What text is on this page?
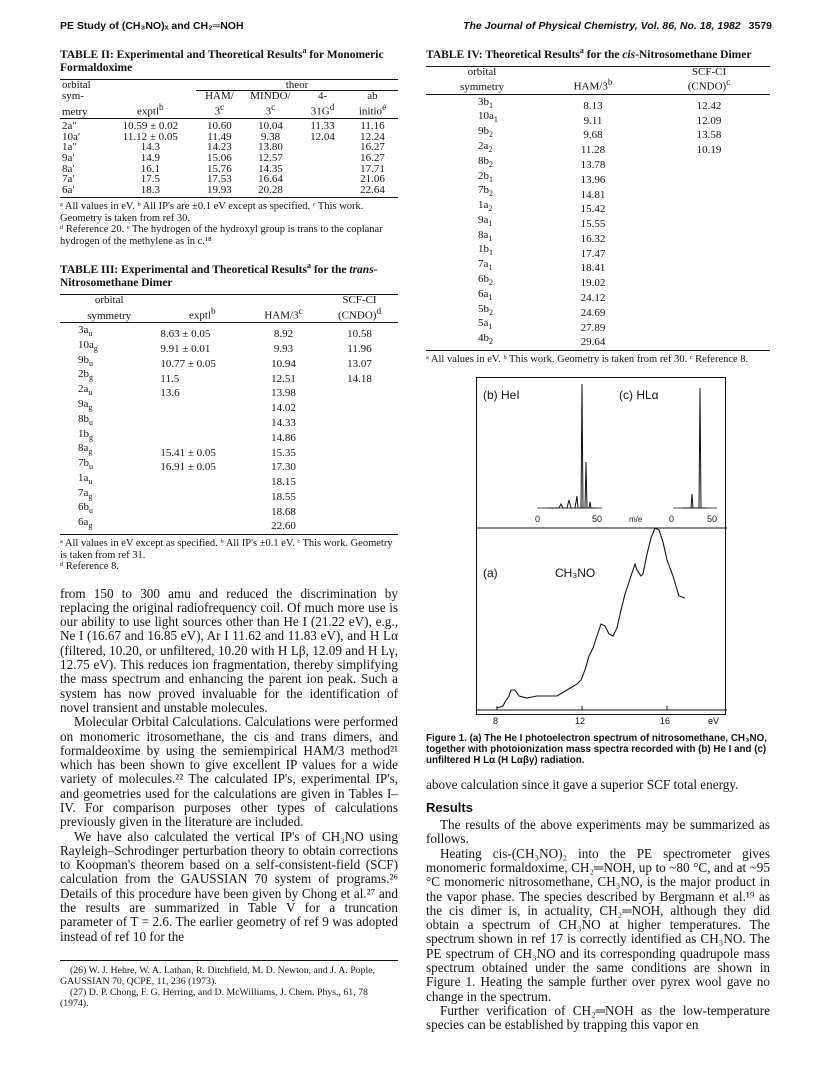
PE Study of (CH₃NO)ₓ and CH₂═NOH	The Journal of Physical Chemistry, Vol. 86, No. 18, 1982 3579
TABLE II: Experimental and Theoretical Results$^a$ for Monomeric Formaldoxime
orbital		theor			
sym-		HAM/	MINDO/	4-	ab
metry	exptl$^b$	3$^c$	3$^c$	$31G^d$	initio$^e$
2a″	10.59 ± 0.02	10.60	10.04	11.33	11.16
10a′	11.12 ± 0.05	11.49	9.38	12.04	12.24
1a″	14.3	14.23	13.80		16.27
9a′	14.9	15.06	12.57		16.27
8a′	16.1	15.76	14.35		17.71
7a′	17.5	17.53	16.64		21.06
6a′	18.3	19.93	20.28		22.64

ᵃ All values in eV. ᵇ All IP's are ±0.1 eV except as specified. ᶜ This work. Geometry is taken from ref 30.

ᵈ Reference 20. ᵉ The hydrogen of the hydroxyl group is trans to the coplanar hydrogen of the methylene as in c.¹⁸

TABLE III: Experimental and Theoretical Results$^a$ for the trans-Nitrosomethane Dimer
orbital			SCF-CI
symmetry	exptl$^b$	HAM/3$^c$	(CNDO)$^d$
$3a_u$	8.63 ± 0.05	8.92	10.58
$10a_g$	9.91 ± 0.01	9.93	11.96
$9b_u$	10.77 ± 0.05	10.94	13.07
$2b_g$	11.5	12.51	14.18
$2a_u$	13.6	13.98	
$9a_g$		14.02	
$8b_u$		14.33	
$1b_g$		14.86	
$8a_g$	15.41 ± 0.05	15.35	
$7b_u$	16.91 ± 0.05	17.30	
$1a_u$		18.15	
$7a_g$		18.55	
$6b_u$		18.68	
$6a_g$		22.60	

ᵃ All values in eV except as specified. ᵇ All IP's ±0.1 eV. ᶜ This work. Geometry is taken from ref 31.

ᵈ Reference 8.

from 150 to 300 amu and reduced the discrimination by replacing the original radiofrequency coil. Of much more use is our ability to use light sources other than He I (21.22 eV), e.g., Ne I (16.67 and 16.85 eV), Ar I 11.62 and 11.83 eV), and H Lα (filtered, 10.20, or unfiltered, 10.20 with H Lβ, 12.09 and H Lγ, 12.75 eV). This reduces ion fragmentation, thereby simplifying the mass spectrum and enhancing the parent ion peak. Such a system has now proved invaluable for the identification of novel transient and unstable molecules.

Molecular Orbital Calculations. Calculations were performed on monomeric itrosomethane, the cis and trans dimers, and formaldeoxime by using the semiempirical HAM/3 method²¹ which has been shown to give excellent IP values for a wide variety of molecules.²² The calculated IP's, experimental IP's, and geometries used for the calculations are given in Tables I–IV. For comparison purposes other types of calculations previously given in the literature are included.

We have also calculated the vertical IP's of CH₃NO using Rayleigh–Schrodinger perturbation theory to obtain corrections to Koopman's theorem based on a self-consistent-field (SCF) calculation from the GAUSSIAN 70 system of programs.²⁶ Details of this procedure have been given by Chong et al.²⁷ and the results are summarized in Table V for a truncation parameter of T = 2.6. The earlier geometry of ref 9 was adopted instead of ref 10 for the

(26) W. J. Hehre, W. A. Lathan, R. Ditchfield, M. D. Newton, and J. A. Pople, GAUSSIAN 70, QCPE, 11, 236 (1973).

(27) D. P. Chong, F. G. Herring, and D. McWilliams, J. Chem. Phys., 61, 78 (1974).

TABLE IV: Theoretical Results$^a$ for the cis-Nitrosomethane Dimer
orbital		SCF-CI
symmetry	HAM/3$^b$	(CNDO)$^c$
$3b_1$	8.13	12.42
$10a_1$	9.11	12.09
$9b_2$	9.68	13.58
$2a_2$	11.28	10.19
$8b_2$	13.78	
$2b_1$	13.96	
$7b_2$	14.81	
$1a_2$	15.42	
$9a_1$	15.55	
$8a_1$	16.32	
$1b_1$	17.47	
$7a_1$	18.41	
$6b_2$	19.02	
$6a_1$	24.12	
$5b_2$	24.69	
$5a_1$	27.89	
$4b_2$	29.64	

ᵃ All values in eV. ᵇ This work. Geometry is taken from ref 30. ᶜ Reference 8.

(b) HeI	(c) HLα
0	50	m/e	0	50
(a)	CH₃NO
8	12	16	eV
Figure 1. (a) The He I photoelectron spectrum of nitrosomethane, CH₃NO, together with photoionization mass spectra recorded with (b) He I and (c) unfiltered H Lα (H Lαβγ) radiation.

above calculation since it gave a superior SCF total energy.

Results

The results of the above experiments may be summarized as follows.

Heating cis-(CH₃NO)₂ into the PE spectrometer gives monomeric formaldoxime, CH₂═NOH, up to ~80 °C, and at ~95 °C monomeric nitrosomethane, CH₃NO, is the major product in the vapor phase. The species described by Bergmann et al.¹⁹ as the cis dimer is, in actuality, CH₂═NOH, although they did obtain a spectrum of CH₃NO at higher temperatures. The spectrum shown in ref 17 is correctly identified as CH₃NO. The PE spectrum of CH₃NO and its corresponding quadrupole mass spectrum obtained under the same conditions are shown in Figure 1. Heating the sample further over pyrex wool gave no change in the spectrum.

Further verification of CH₂═NOH as the low-temperature species can be established by trapping this vapor en
